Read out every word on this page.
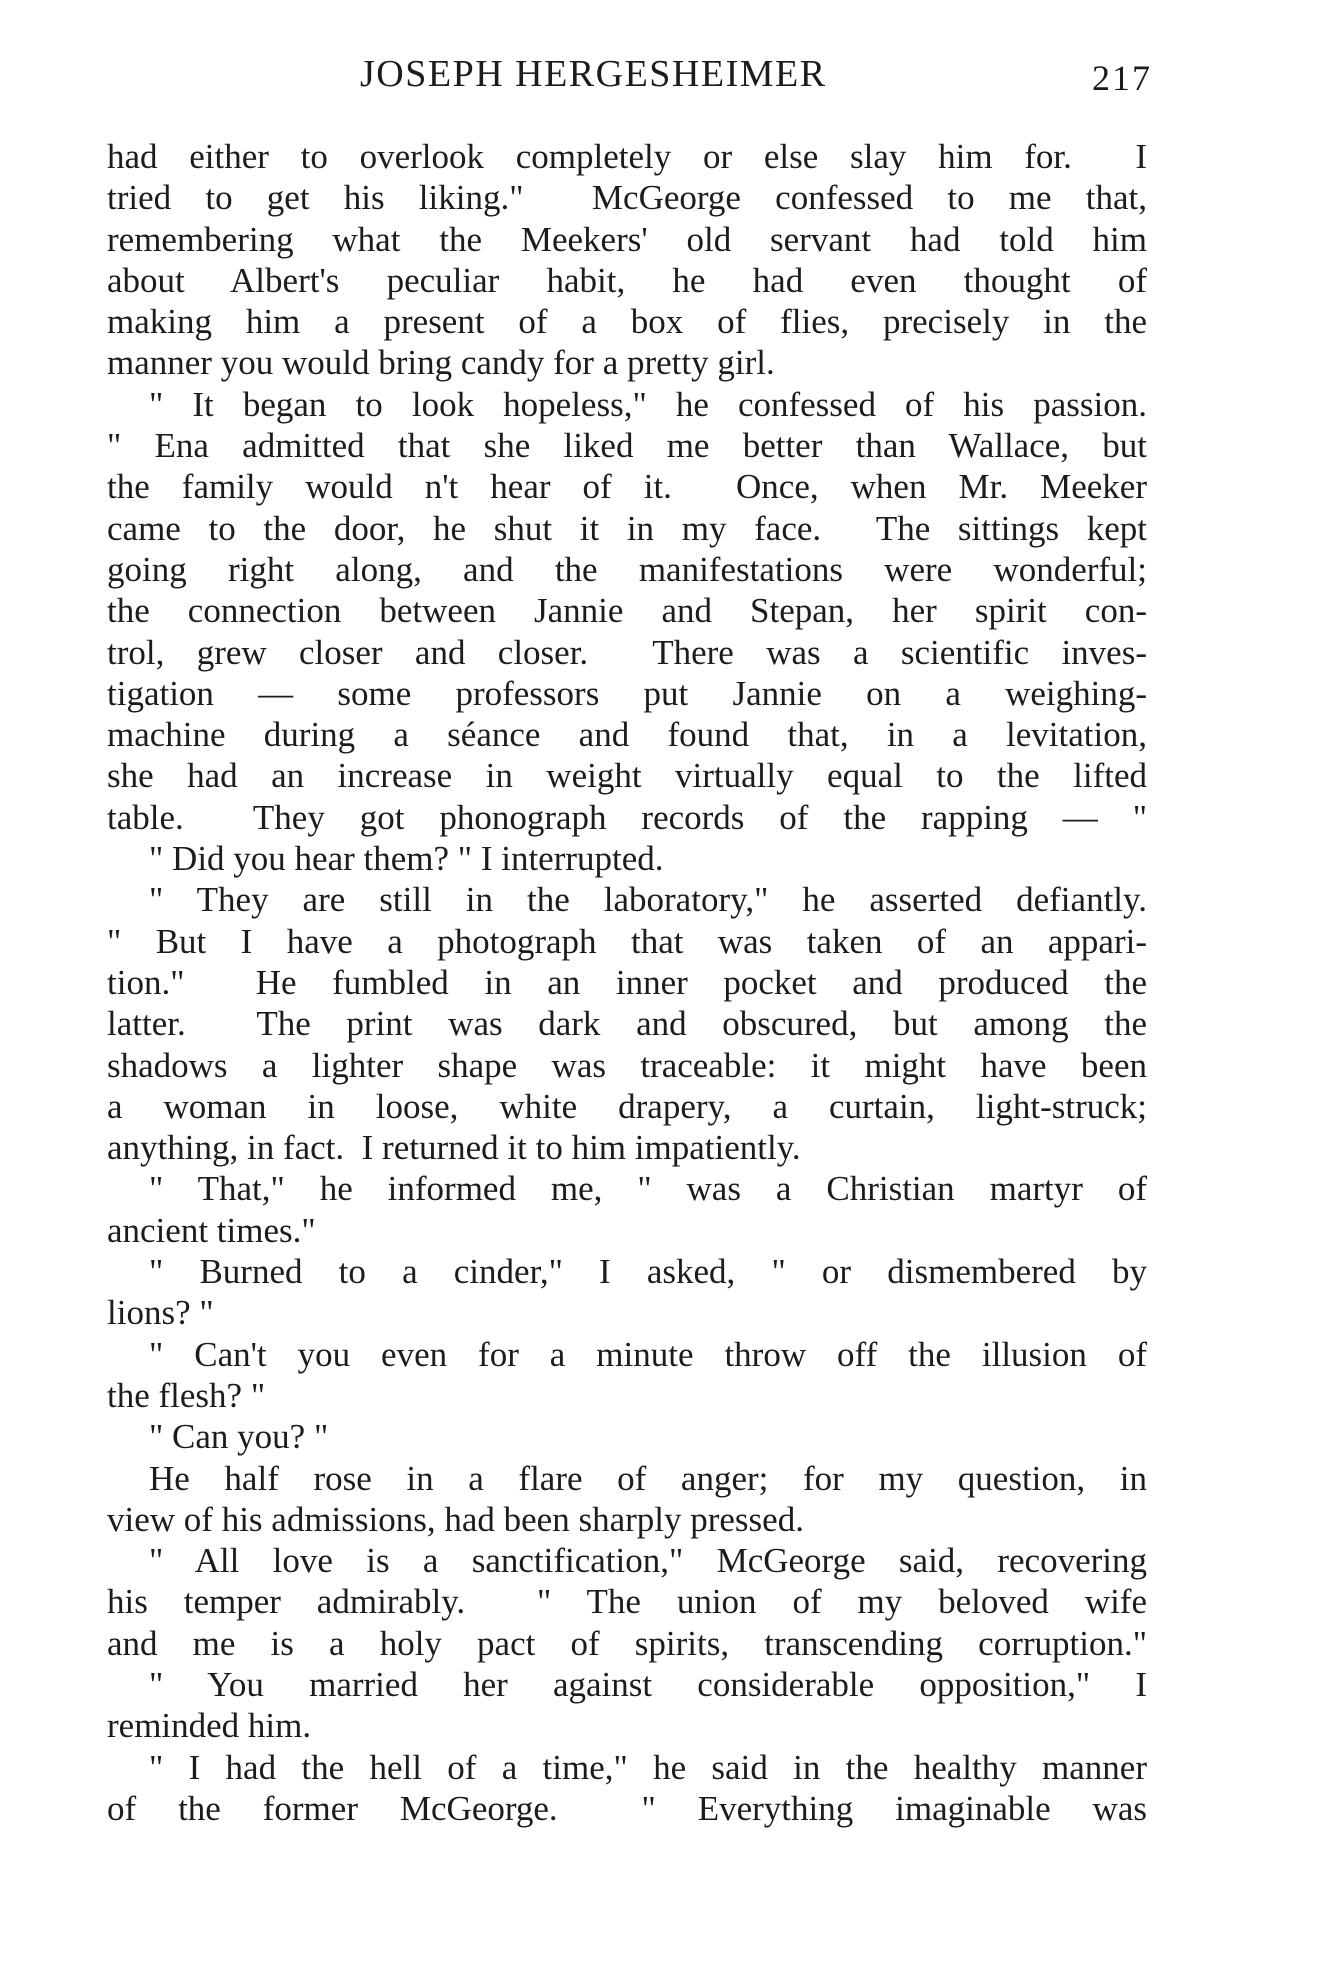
JOSEPH HERGESHEIMER	217
had either to overlook completely or else slay him for.  I
tried to get his liking."  McGeorge confessed to me that,
remembering what the Meekers' old servant had told him
about Albert's peculiar habit, he had even thought of
making him a present of a box of flies, precisely in the
manner you would bring candy for a pretty girl.
" It began to look hopeless," he confessed of his passion.
" Ena admitted that she liked me better than Wallace, but
the family would n't hear of it.  Once, when Mr. Meeker
came to the door, he shut it in my face.  The sittings kept
going right along, and the manifestations were wonderful;
the connection between Jannie and Stepan, her spirit con-
trol, grew closer and closer.  There was a scientific inves-
tigation — some professors put Jannie on a weighing-
machine during a séance and found that, in a levitation,
she had an increase in weight virtually equal to the lifted
table.  They got phonograph records of the rapping — "
" Did you hear them? " I interrupted.
" They are still in the laboratory," he asserted defiantly.
" But I have a photograph that was taken of an appari-
tion."  He fumbled in an inner pocket and produced the
latter.  The print was dark and obscured, but among the
shadows a lighter shape was traceable: it might have been
a woman in loose, white drapery, a curtain, light-struck;
anything, in fact.  I returned it to him impatiently.
" That," he informed me, " was a Christian martyr of
ancient times."
" Burned to a cinder," I asked, " or dismembered by
lions? "
" Can't you even for a minute throw off the illusion of
the flesh? "
" Can you? "
He half rose in a flare of anger; for my question, in
view of his admissions, had been sharply pressed.
" All love is a sanctification," McGeorge said, recovering
his temper admirably.  " The union of my beloved wife
and me is a holy pact of spirits, transcending corruption."
" You married her against considerable opposition," I
reminded him.
" I had the hell of a time," he said in the healthy manner
of the former McGeorge.  " Everything imaginable was
